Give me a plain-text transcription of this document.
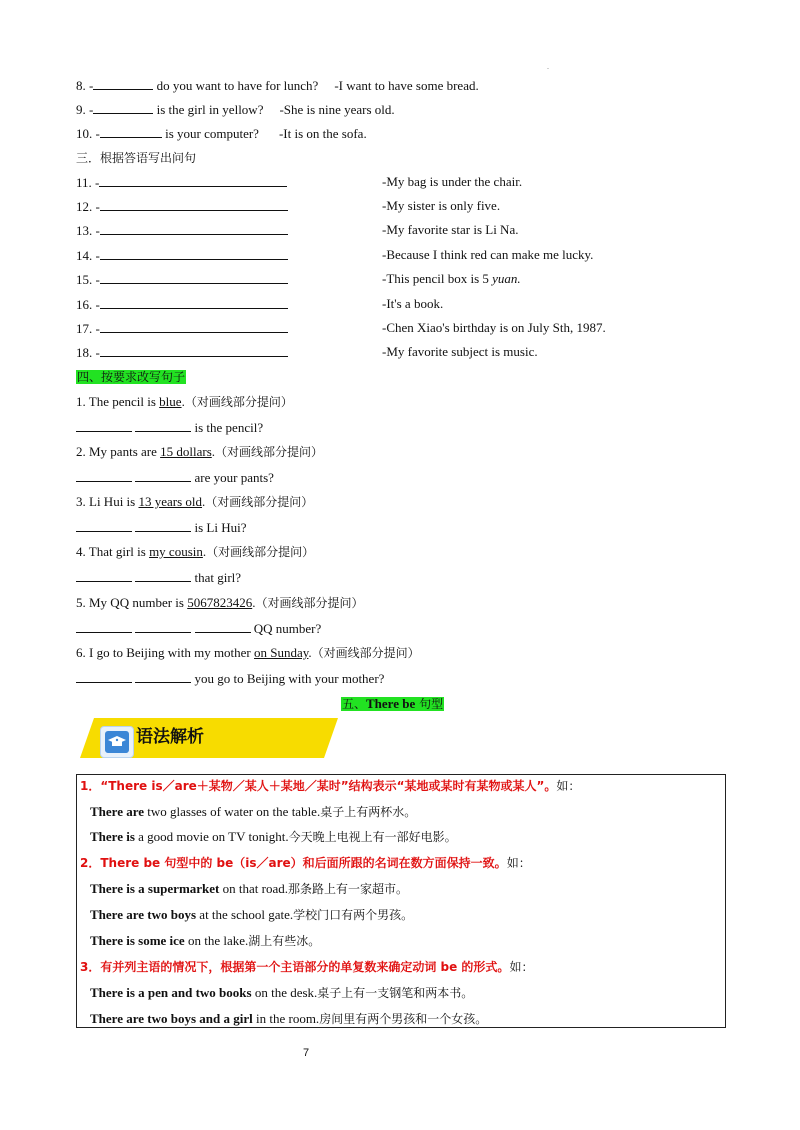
.
8. -	do you want to have for lunch? -I want to have some bread.
9. -	is the girl in yellow? -She is nine years old.
10. -	is your computer? -It is on the sofa.
三．根据答语写出问句
11. -	-My bag is under the chair.
12. -	-My sister is only five.
13. -	-My favorite star is Li Na.
14. -	-Because I think red can make me lucky.
15. -	-This pencil box is 5 yuan.
16. -	-It's a book.
17. -	-Chen Xiao's birthday is on July Sth, 1987.
18. -	-My favorite subject is music.
四、按要求改写句子
1. The pencil is blue.（对画线部分提问）
is the pencil?
2. My pants are 15 dollars.（对画线部分提问）
are your pants?
3. Li Hui is 13 years old.（对画线部分提问）
is Li Hui?
4. That girl is my cousin.（对画线部分提问）
that girl?
5. My QQ number is 5067823426.（对画线部分提问）
QQ number?
6. I go to Beijing with my mother on Sunday.（对画线部分提问）
you go to Beijing with your mother?
五、There be 句型
语法解析
1．“There is／are＋某物／某人＋某地／某时”结构表示“某地或某时有某物或某人”。如：
There are two glasses of water on the table.桌子上有两杯水。
There is a good movie on TV tonight.今天晚上电视上有一部好电影。
2．There be 句型中的 be（is／are）和后面所跟的名词在数方面保持一致。如：
There is a supermarket on that road.那条路上有一家超市。
There are two boys at the school gate.学校门口有两个男孩。
There is some ice on the lake.湖上有些冰。
3．有并列主语的情况下，根据第一个主语部分的单复数来确定动词 be 的形式。如：
There is a pen and two books on the desk.桌子上有一支钢笔和两本书。
There are two boys and a girl in the room.房间里有两个男孩和一个女孩。
7
